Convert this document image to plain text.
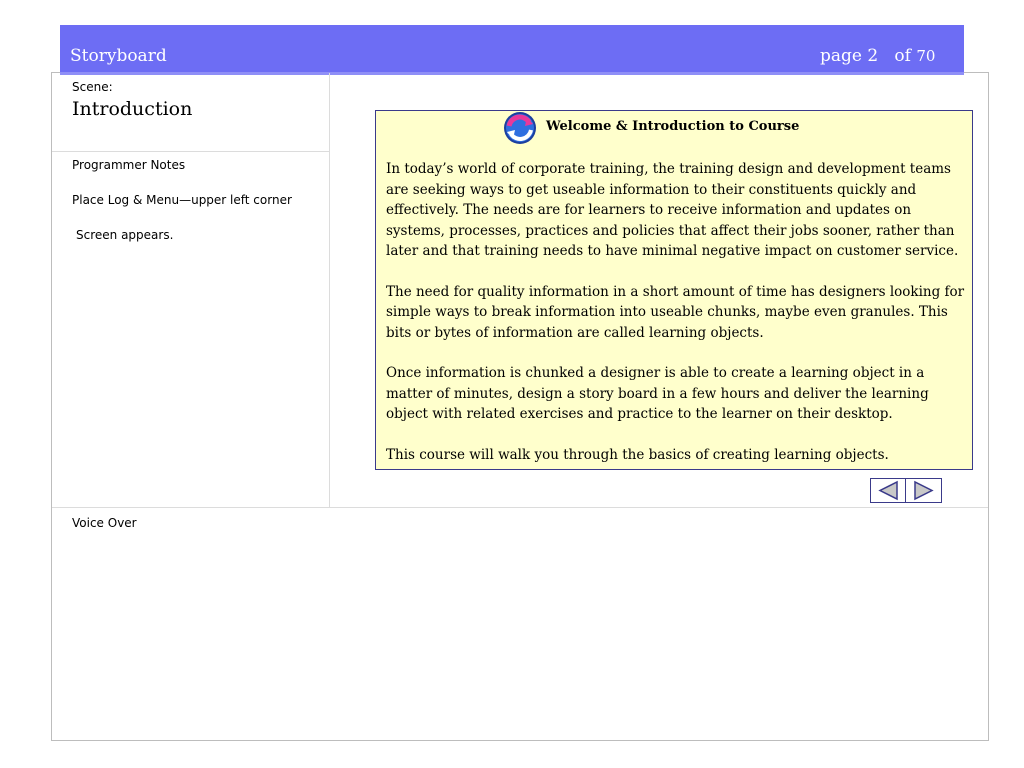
Storyboard	page 2 of 70
Scene:
Introduction
Programmer Notes
Place Log & Menu—upper left corner
Screen appears.
Voice Over
Welcome & Introduction to Course

In today’s world of corporate training, the training design and development teams are seeking ways to get useable information to their constituents quickly and effectively. The needs are for learners to receive information and updates on systems, processes, practices and policies that affect their jobs sooner, rather than later and that training needs to have minimal negative impact on customer service.

The need for quality information in a short amount of time has designers looking for simple ways to break information into useable chunks, maybe even granules. This bits or bytes of information are called learning objects.

Once information is chunked a designer is able to create a learning object in a matter of minutes, design a story board in a few hours and deliver the learning object with related exercises and practice to the learner on their desktop.

This course will walk you through the basics of creating learning objects.
